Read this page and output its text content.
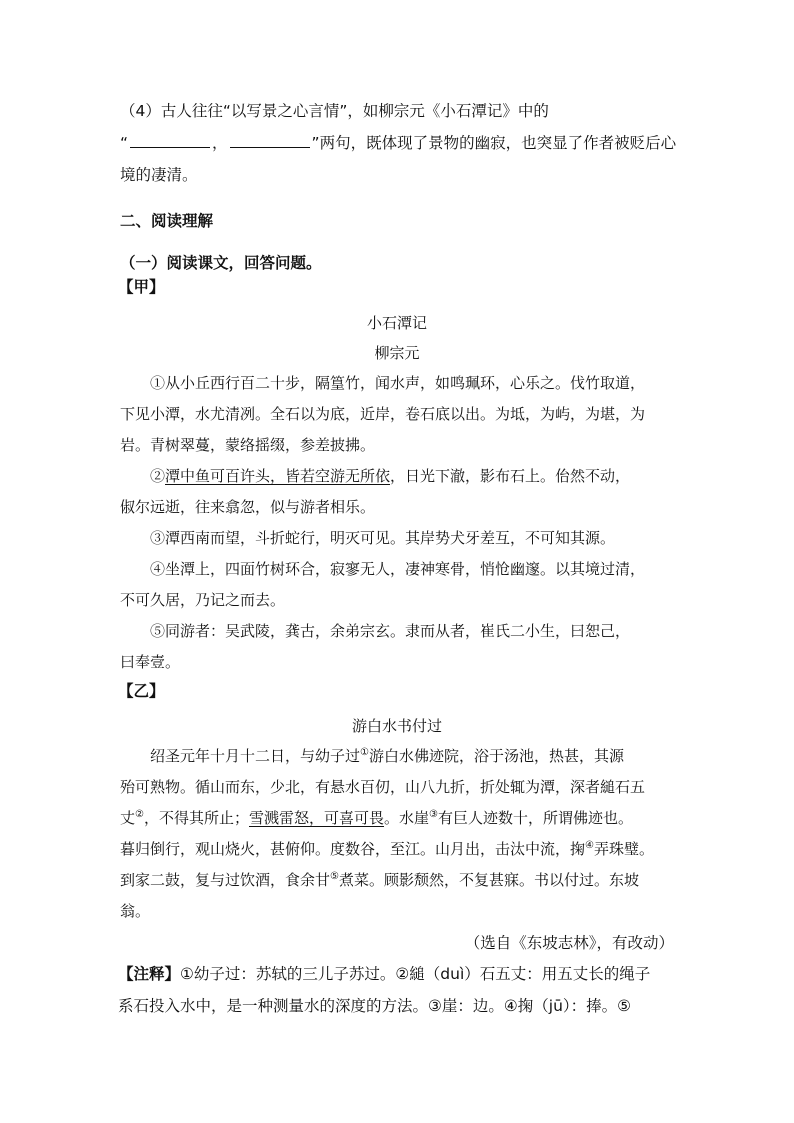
（4）古人往往“以写景之心言情”，如柳宗元《小石潭记》中的
“	，	”两句，既体现了景物的幽寂，也突显了作者被贬后心
境的凄清。
二、阅读理解
（一）阅读课文，回答问题。
【甲】
小石潭记
柳宗元
①从小丘西行百二十步，隔篁竹，闻水声，如鸣珮环，心乐之。伐竹取道，
下见小潭，水尤清冽。全石以为底，近岸，卷石底以出。为坻，为屿，为堪，为
岩。青树翠蔓，蒙络摇缀，参差披拂。
②潭中鱼可百许头，皆若空游无所依，日光下澈，影布石上。佁然不动，
俶尔远逝，往来翕忽，似与游者相乐。
③潭西南而望，斗折蛇行，明灭可见。其岸势犬牙差互，不可知其源。
④坐潭上，四面竹树环合，寂寥无人，凄神寒骨，悄怆幽邃。以其境过清，
不可久居，乃记之而去。
⑤同游者：吴武陵，龚古，余弟宗玄。隶而从者，崔氏二小生，曰恕己，
曰奉壹。
【乙】
游白水书付过
绍圣元年十月十二日，与幼子过①游白水佛迹院，浴于汤池，热甚，其源
殆可熟物。循山而东，少北，有悬水百仞，山八九折，折处辄为潭，深者縋石五
丈②，不得其所止；雪溅雷怒，可喜可畏。水崖③有巨人迹数十，所谓佛迹也。
暮归倒行，观山烧火，甚俯仰。度数谷，至江。山月出，击汰中流，掬④弄珠璧。
到家二鼓，复与过饮酒，食余甘⑤煮菜。顾影颓然，不复甚寐。书以付过。东坡
翁。
（选自《东坡志林》，有改动）
【注释】①幼子过：苏轼的三儿子苏过。②縋（duì）石五丈：用五丈长的绳子
系石投入水中，是一种测量水的深度的方法。③崖：边。④掬（jū）：捧。⑤
